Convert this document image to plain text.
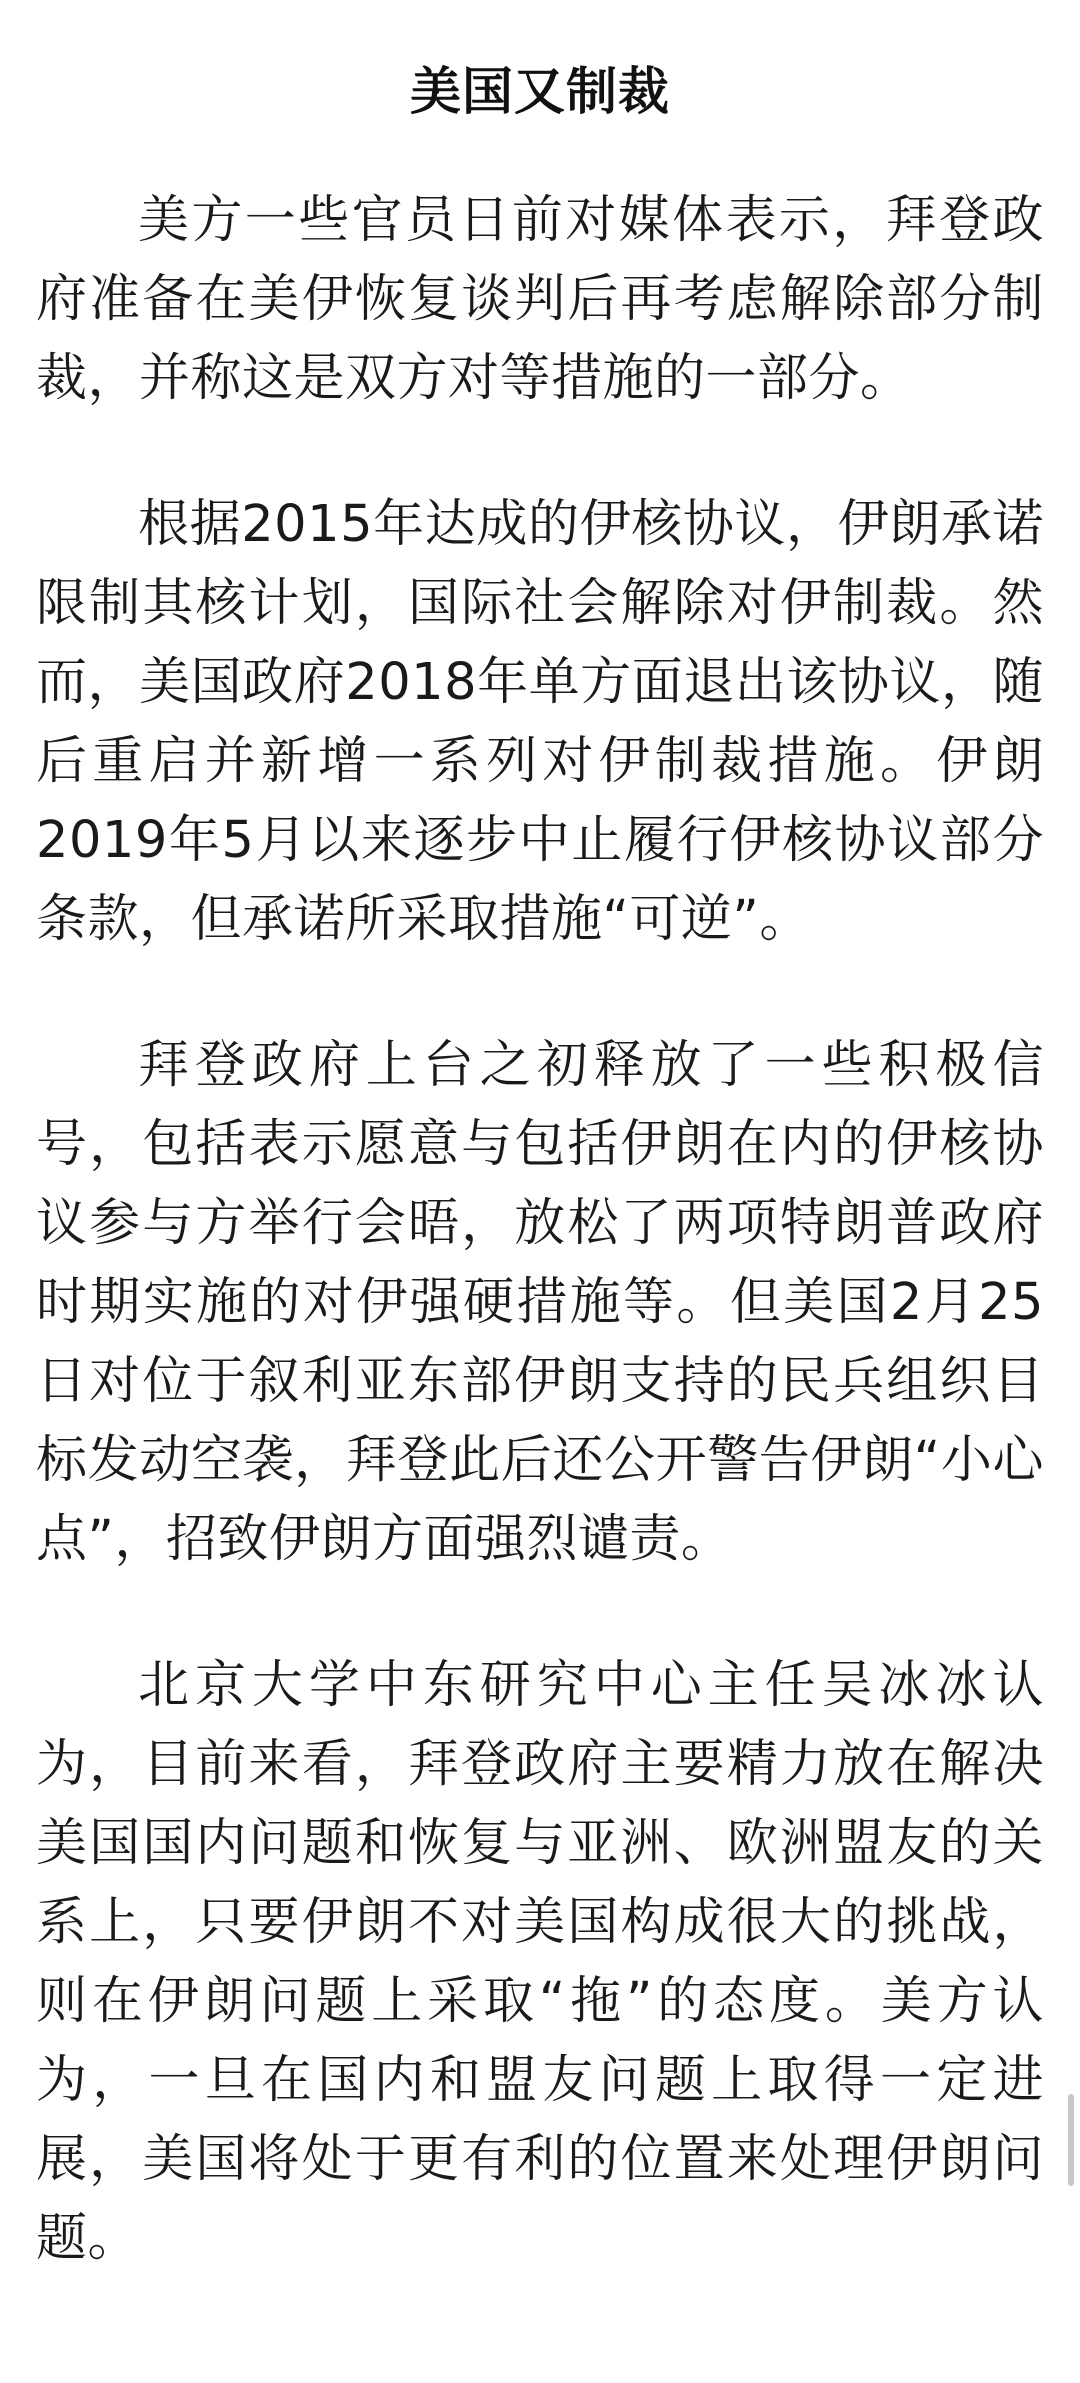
美国又制裁

美方一些官员日前对媒体表示，拜登政府准备在美伊恢复谈判后再考虑解除部分制裁，并称这是双方对等措施的一部分。

根据2015年达成的伊核协议，伊朗承诺限制其核计划，国际社会解除对伊制裁。然而，美国政府2018年单方面退出该协议，随后重启并新增一系列对伊制裁措施。伊朗2019年5月以来逐步中止履行伊核协议部分条款，但承诺所采取措施“可逆”。

拜登政府上台之初释放了一些积极信号，包括表示愿意与包括伊朗在内的伊核协议参与方举行会晤，放松了两项特朗普政府时期实施的对伊强硬措施等。但美国2月25日对位于叙利亚东部伊朗支持的民兵组织目标发动空袭，拜登此后还公开警告伊朗“小心点”，招致伊朗方面强烈谴责。

北京大学中东研究中心主任吴冰冰认为，目前来看，拜登政府主要精力放在解决美国国内问题和恢复与亚洲、欧洲盟友的关系上，只要伊朗不对美国构成很大的挑战，则在伊朗问题上采取“拖”的态度。美方认为，一旦在国内和盟友问题上取得一定进展，美国将处于更有利的位置来处理伊朗问题。
